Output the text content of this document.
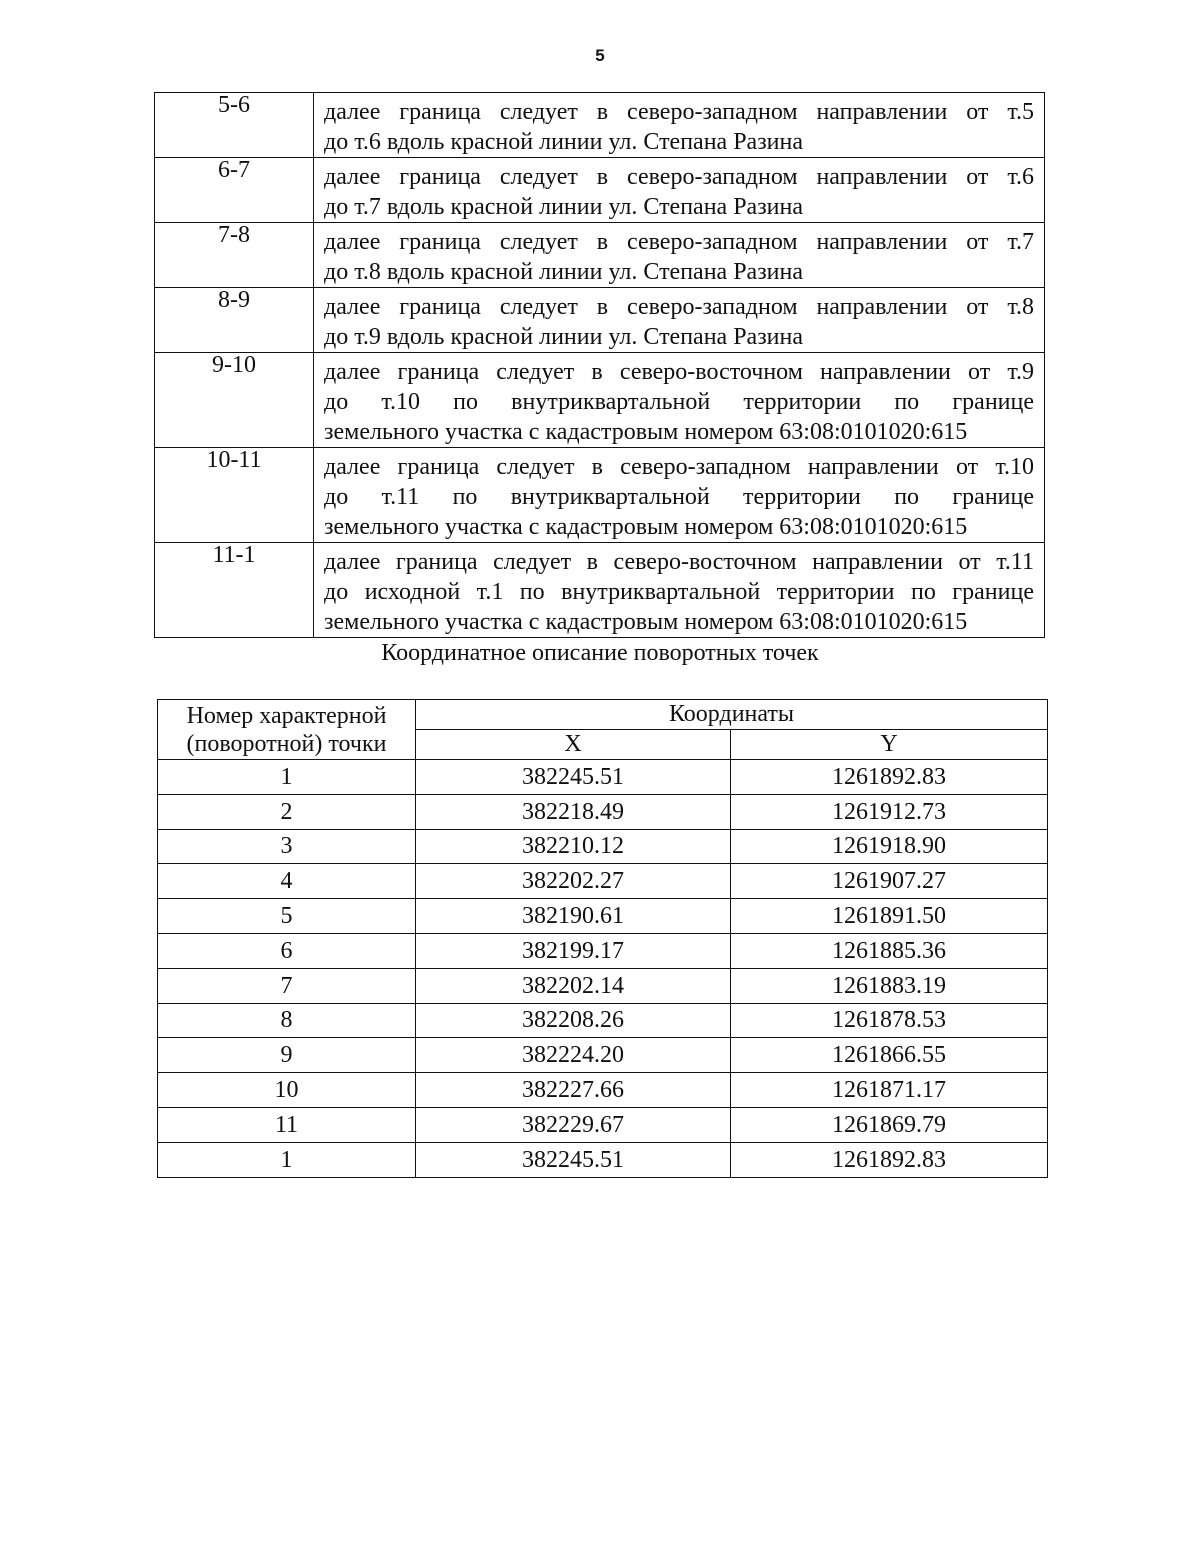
5
5-6	далее граница следует в северо-западном направлении от т.5
до т.6 вдоль красной линии ул. Степана Разина

6-7	далее граница следует в северо-западном направлении от т.6
до т.7 вдоль красной линии ул. Степана Разина

7-8	далее граница следует в северо-западном направлении от т.7
до т.8 вдоль красной линии ул. Степана Разина

8-9	далее граница следует в северо-западном направлении от т.8
до т.9 вдоль красной линии ул. Степана Разина

9-10	далее граница следует в северо-восточном направлении от т.9
до т.10 по внутриквартальной территории по границе
земельного участка с кадастровым номером 63:08:0101020:615

10-11	далее граница следует в северо-западном направлении от т.10
до т.11 по внутриквартальной территории по границе
земельного участка с кадастровым номером 63:08:0101020:615

11-1	далее граница следует в северо-восточном направлении от т.11
до исходной т.1 по внутриквартальной территории по границе
земельного участка с кадастровым номером 63:08:0101020:615
Координатное описание поворотных точек
Номер характерной (поворотной) точки	Координаты	
	X	Y
1	382245.51	1261892.83
2	382218.49	1261912.73
3	382210.12	1261918.90
4	382202.27	1261907.27
5	382190.61	1261891.50
6	382199.17	1261885.36
7	382202.14	1261883.19
8	382208.26	1261878.53
9	382224.20	1261866.55
10	382227.66	1261871.17
11	382229.67	1261869.79
1	382245.51	1261892.83
